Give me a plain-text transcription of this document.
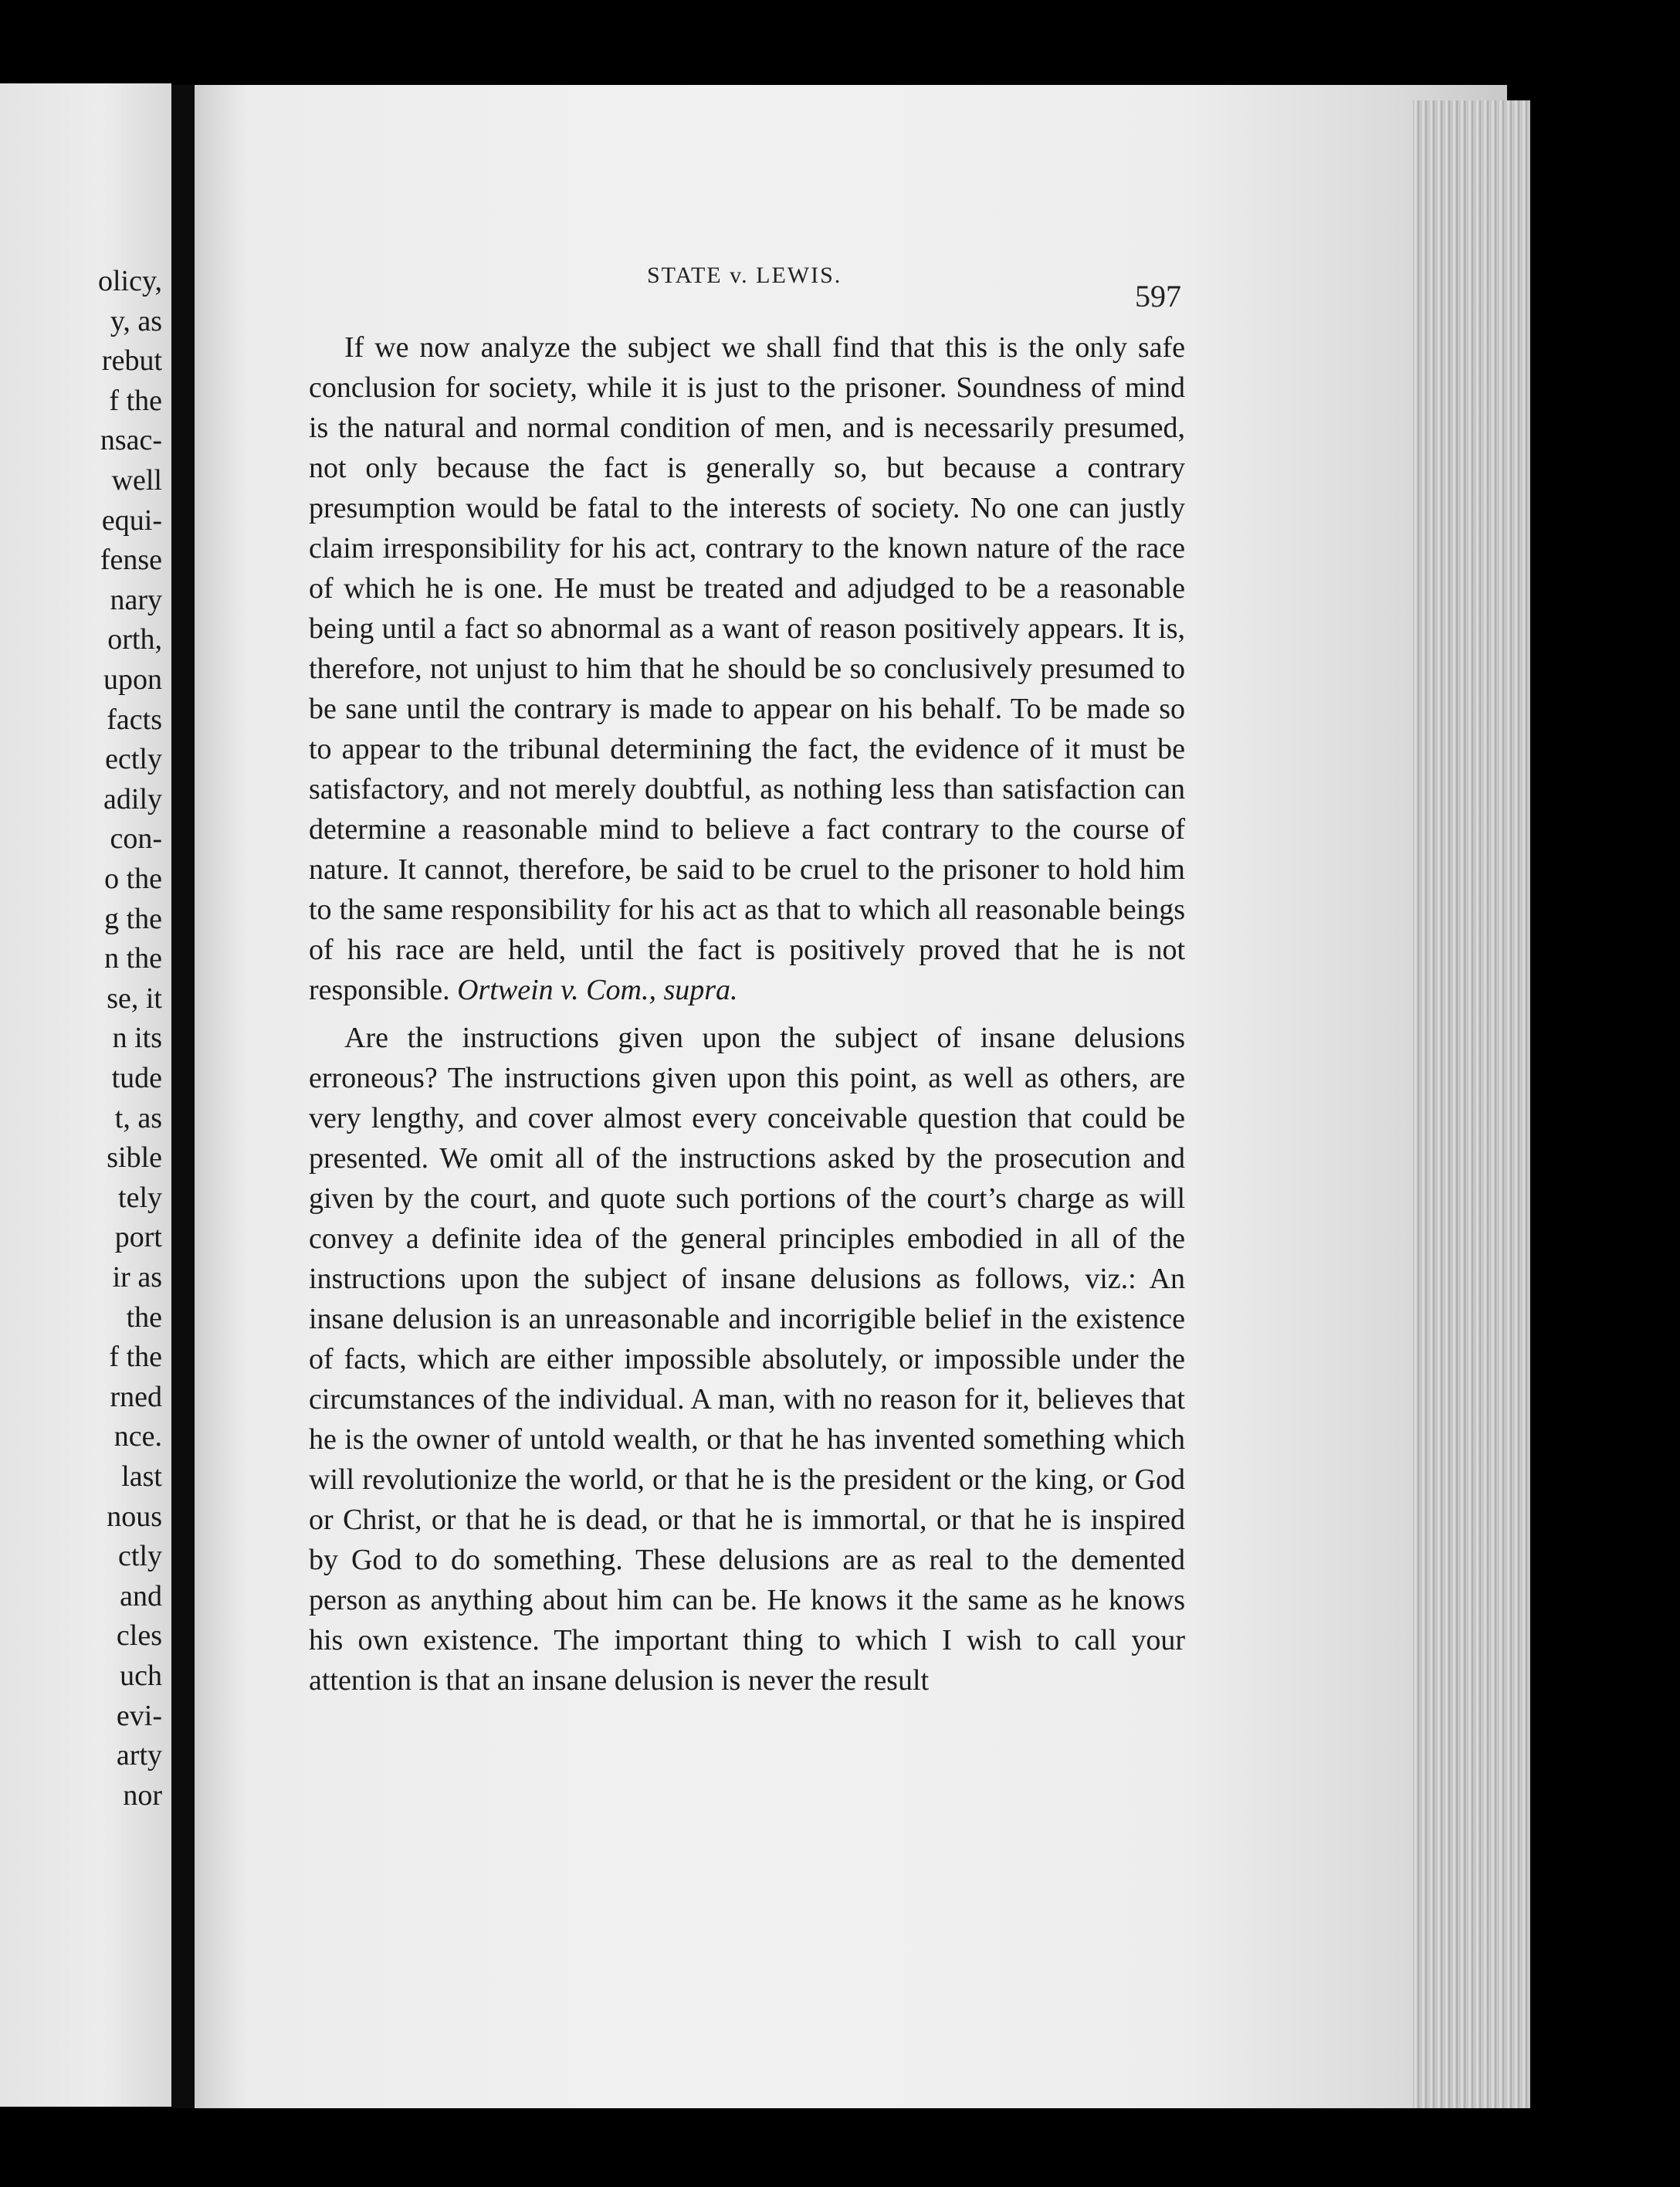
olicy,
y, as
rebut
f the
nsac-
well
equi-
fense
nary
orth,
upon
facts
ectly
adily
con-
o the
g the
n the
se, it
n its
tude
t, as
sible
tely
port
ir as
the
f the
rned
nce.
last
nous
ctly
and
cles
uch
evi-
arty
nor
STATE v. LEWIS.
597

If we now analyze the subject we shall find that this is the only safe conclusion for society, while it is just to the prisoner. Soundness of mind is the natural and normal condition of men, and is necessarily presumed, not only because the fact is generally so, but because a contrary presumption would be fatal to the interests of society. No one can justly claim irresponsibility for his act, contrary to the known nature of the race of which he is one. He must be treated and adjudged to be a reasonable being until a fact so abnormal as a want of reason positively appears. It is, therefore, not unjust to him that he should be so conclusively presumed to be sane until the contrary is made to appear on his behalf. To be made so to appear to the tribunal determining the fact, the evidence of it must be satisfactory, and not merely doubtful, as nothing less than satisfaction can determine a reasonable mind to believe a fact contrary to the course of nature. It cannot, therefore, be said to be cruel to the prisoner to hold him to the same responsibility for his act as that to which all reasonable beings of his race are held, until the fact is positively proved that he is not responsible. Ortwein v. Com., supra.

Are the instructions given upon the subject of insane delusions erroneous? The instructions given upon this point, as well as others, are very lengthy, and cover almost every conceivable question that could be presented. We omit all of the instructions asked by the prosecution and given by the court, and quote such portions of the court’s charge as will convey a definite idea of the general principles embodied in all of the instructions upon the subject of insane delusions as follows, viz.: An insane delusion is an unreasonable and incorrigible belief in the existence of facts, which are either impossible absolutely, or impossible under the circumstances of the individual. A man, with no reason for it, believes that he is the owner of untold wealth, or that he has invented something which will revolutionize the world, or that he is the president or the king, or God or Christ, or that he is dead, or that he is immortal, or that he is inspired by God to do something. These delusions are as real to the demented person as anything about him can be. He knows it the same as he knows his own existence. The important thing to which I wish to call your attention is that an insane delusion is never the result
